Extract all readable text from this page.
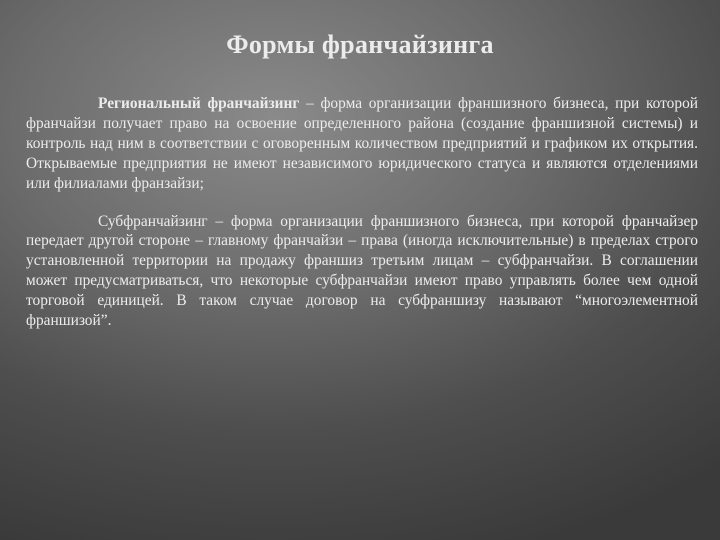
Формы франчайзинга

Региональный франчайзинг – форма организации франшизного бизнеса, при которой франчайзи получает право на освоение определенного района (создание франшизной системы) и контроль над ним в соответствии с оговоренным количеством предприятий и графиком их открытия. Открываемые предприятия не имеют независимого юридического статуса и являются отделениями или филиалами франзайзи;

Субфранчайзинг – форма организации франшизного бизнеса, при которой франчайзер передает другой стороне – главному франчайзи – права (иногда исключительные) в пределах строго установленной территории на продажу франшиз третьим лицам – субфранчайзи. В соглашении может предусматриваться, что некоторые субфранчайзи имеют право управлять более чем одной торговой единицей. В таком случае договор на субфраншизу называют “многоэлементной франшизой”.
